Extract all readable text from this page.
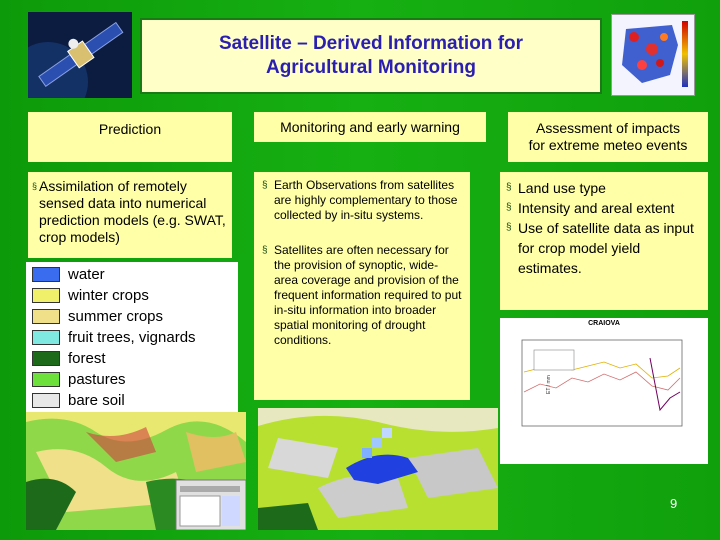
Satellite – Derived Information for
Agricultural Monitoring
Prediction	Monitoring and early warning	Assessment of impacts
for extreme meteo events
§ Assimilation of remotely sensed data into numerical prediction models (e.g. SWAT, crop models)
§ Earth Observations from satellites are highly complementary to those collected by in-situ systems.
§ Satellites are often necessary for the provision of synoptic, wide-area coverage and provision of the frequent information required to put in-situ information into broader spatial monitoring of drought conditions.
§ Land use type
§ Intensity and areal extent
§ Use of satellite data as input for crop model yield estimates.
water
winter crops
summer crops
fruit trees, vignards
forest
pastures
bare soil
CRAIOVA
ET / mm
9
